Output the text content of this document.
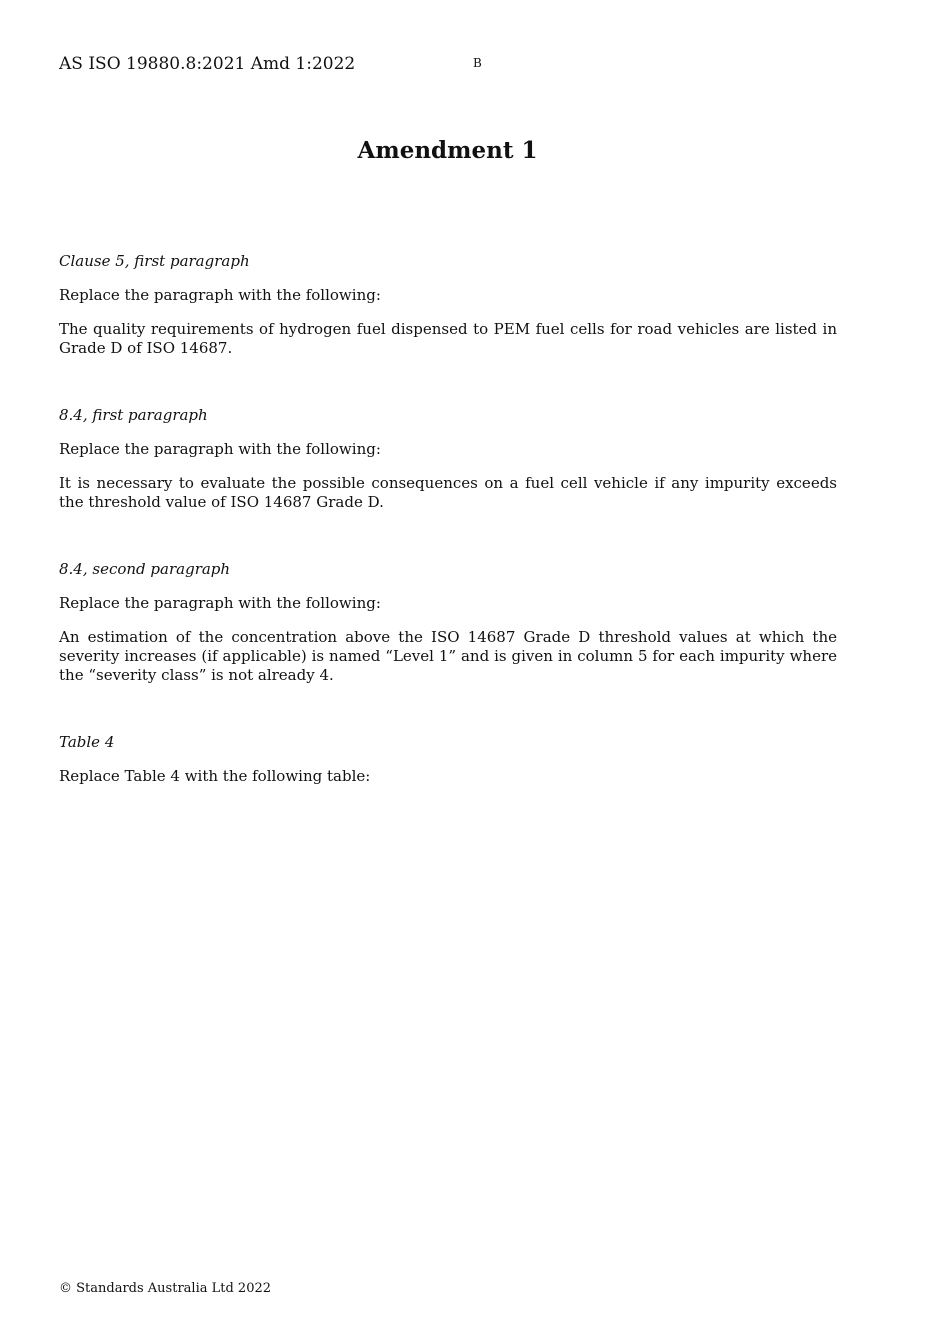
AS ISO 19880.8:2021 Amd 1:2022	B
Amendment 1

Clause 5, first paragraph

Replace the paragraph with the following:

The quality requirements of hydrogen fuel dispensed to PEM fuel cells for road vehicles are listed in Grade D of ISO 14687.

8.4, first paragraph

Replace the paragraph with the following:

It is necessary to evaluate the possible consequences on a fuel cell vehicle if any impurity exceeds the threshold value of ISO 14687 Grade D.

8.4, second paragraph

Replace the paragraph with the following:

An estimation of the concentration above the ISO 14687 Grade D threshold values at which the severity increases (if applicable) is named “Level 1” and is given in column 5 for each impurity where the “severity class” is not already 4.

Table 4

Replace Table 4 with the following table:

© Standards Australia Ltd 2022
